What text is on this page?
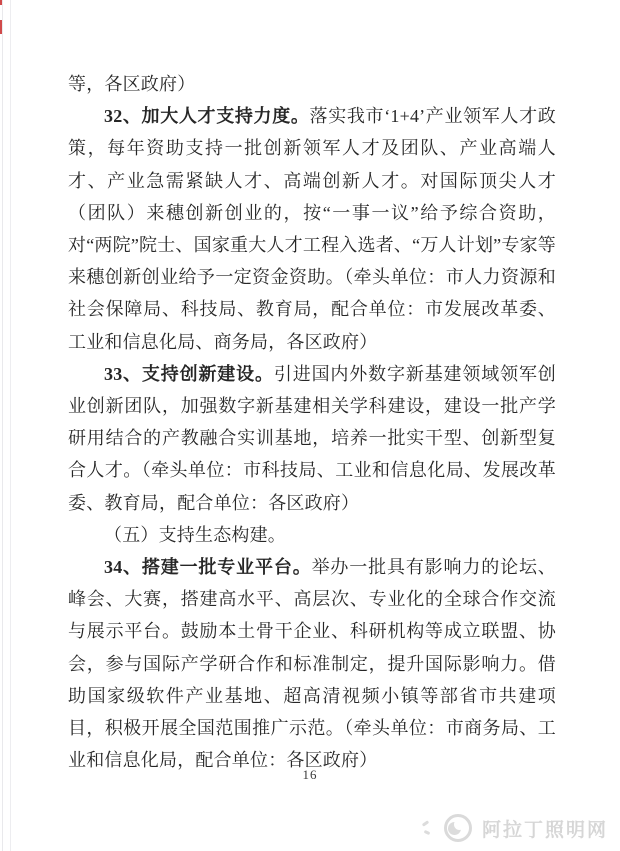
等，各区政府）

32、加大人才支持力度。落实我市‘1+4’产业领军人才政策，每年资助支持一批创新领军人才及团队、产业高端人才、产业急需紧缺人才、高端创新人才。对国际顶尖人才（团队）来穗创新创业的，按“一事一议”给予综合资助，对“两院”院士、国家重大人才工程入选者、“万人计划”专家等来穗创新创业给予一定资金资助。（牵头单位：市人力资源和社会保障局、科技局、教育局，配合单位：市发展改革委、工业和信息化局、商务局，各区政府）

33、支持创新建设。引进国内外数字新基建领域领军创业创新团队，加强数字新基建相关学科建设，建设一批产学研用结合的产教融合实训基地，培养一批实干型、创新型复合人才。（牵头单位：市科技局、工业和信息化局、发展改革委、教育局，配合单位：各区政府）

（五）支持生态构建。

34、搭建一批专业平台。举办一批具有影响力的论坛、峰会、大赛，搭建高水平、高层次、专业化的全球合作交流与展示平台。鼓励本土骨干企业、科研机构等成立联盟、协会，参与国际产学研合作和标准制定，提升国际影响力。借助国家级软件产业基地、超高清视频小镇等部省市共建项目，积极开展全国范围推广示范。（牵头单位：市商务局、工业和信息化局，配合单位：各区政府）

16
阿拉丁照明网
